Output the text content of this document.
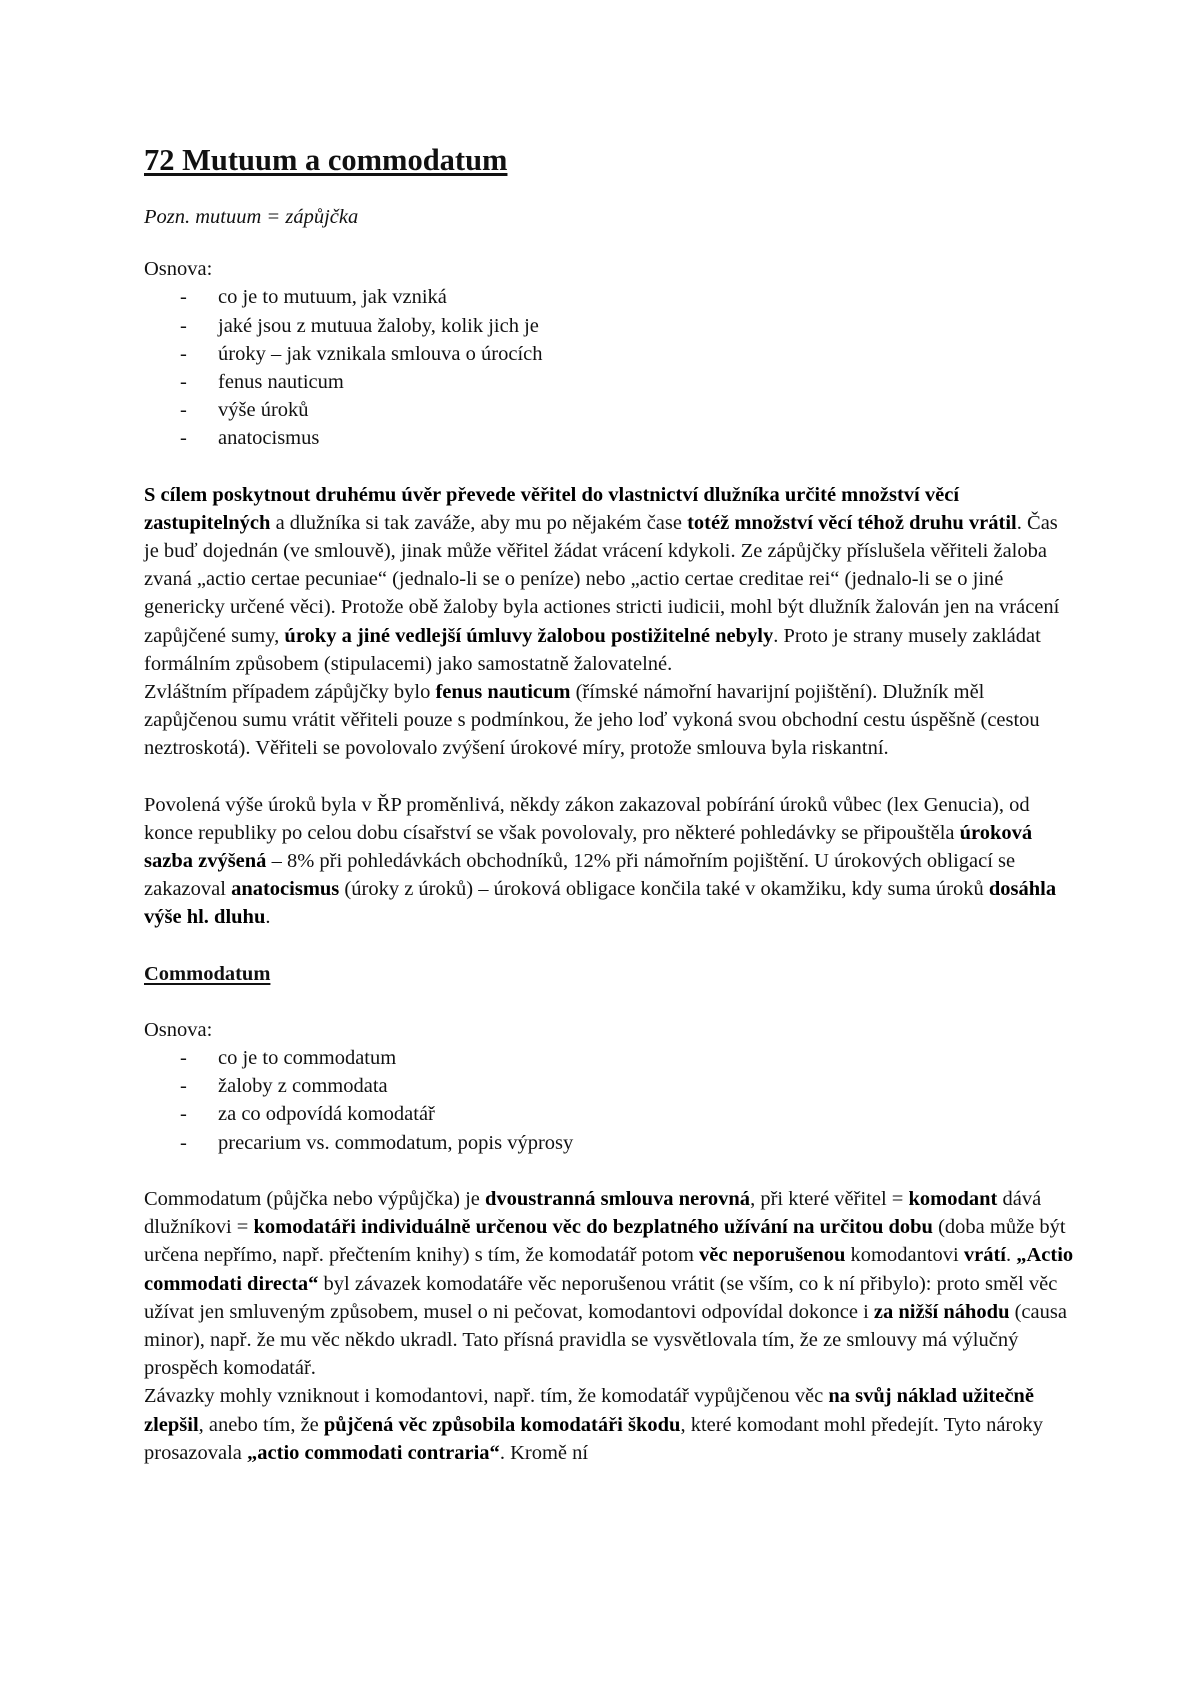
72 Mutuum a commodatum

Pozn. mutuum = zápůjčka

Osnova:

- co je to mutuum, jak vzniká
- jaké jsou z mutuua žaloby, kolik jich je
- úroky – jak vznikala smlouva o úrocích
- fenus nauticum
- výše úroků
- anatocismus

S cílem poskytnout druhému úvěr převede věřitel do vlastnictví dlužníka určité množství věcí zastupitelných a dlužníka si tak zaváže, aby mu po nějakém čase totéž množství věcí téhož druhu vrátil. Čas je buď dojednán (ve smlouvě), jinak může věřitel žádat vrácení kdykoli. Ze zápůjčky příslušela věřiteli žaloba zvaná „actio certae pecuniae“ (jednalo-li se o peníze) nebo „actio certae creditae rei“ (jednalo-li se o jiné genericky určené věci). Protože obě žaloby byla actiones stricti iudicii, mohl být dlužník žalován jen na vrácení zapůjčené sumy, úroky a jiné vedlejší úmluvy žalobou postižitelné nebyly. Proto je strany musely zakládat formálním způsobem (stipulacemi) jako samostatně žalovatelné.

Zvláštním případem zápůjčky bylo fenus nauticum (římské námořní havarijní pojištění). Dlužník měl zapůjčenou sumu vrátit věřiteli pouze s podmínkou, že jeho loď vykoná svou obchodní cestu úspěšně (cestou neztroskotá). Věřiteli se povolovalo zvýšení úrokové míry, protože smlouva byla riskantní.

Povolená výše úroků byla v ŘP proměnlivá, někdy zákon zakazoval pobírání úroků vůbec (lex Genucia), od konce republiky po celou dobu císařství se však povolovaly, pro některé pohledávky se připouštěla úroková sazba zvýšená – 8% při pohledávkách obchodníků, 12% při námořním pojištění. U úrokových obligací se zakazoval anatocismus (úroky z úroků) – úroková obligace končila také v okamžiku, kdy suma úroků dosáhla výše hl. dluhu.

Commodatum

Osnova:

- co je to commodatum
- žaloby z commodata
- za co odpovídá komodatář
- precarium vs. commodatum, popis výprosy

Commodatum (půjčka nebo výpůjčka) je dvoustranná smlouva nerovná, při které věřitel = komodant dává dlužníkovi = komodatáři individuálně určenou věc do bezplatného užívání na určitou dobu (doba může být určena nepřímo, např. přečtením knihy) s tím, že komodatář potom věc neporušenou komodantovi vrátí. „Actio commodati directa“ byl závazek komodatáře věc neporušenou vrátit (se vším, co k ní přibylo): proto směl věc užívat jen smluveným způsobem, musel o ni pečovat, komodantovi odpovídal dokonce i za nižší náhodu (causa minor), např. že mu věc někdo ukradl. Tato přísná pravidla se vysvětlovala tím, že ze smlouvy má výlučný prospěch komodatář.

Závazky mohly vzniknout i komodantovi, např. tím, že komodatář vypůjčenou věc na svůj náklad užitečně zlepšil, anebo tím, že půjčená věc způsobila komodatáři škodu, které komodant mohl předejít. Tyto nároky prosazovala „actio commodati contraria“. Kromě ní
